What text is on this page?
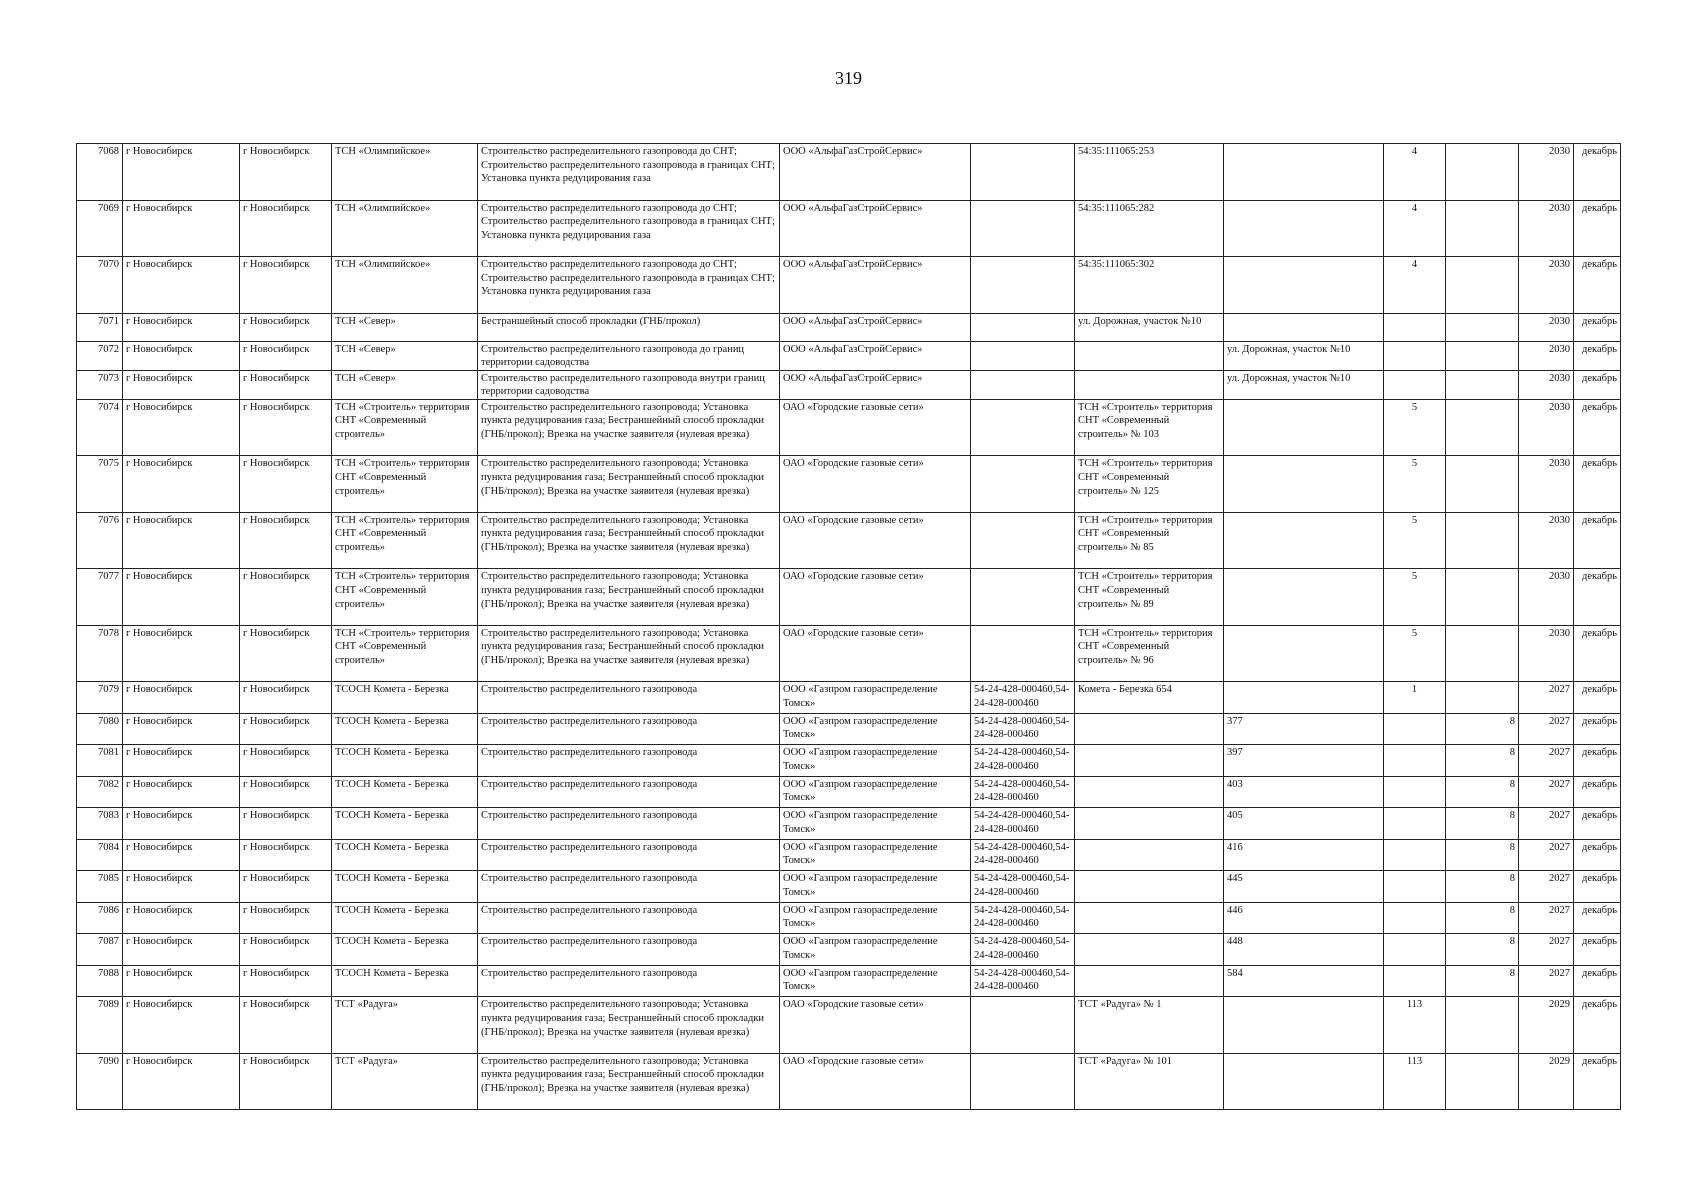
319
7068	г Новосибирск	г Новосибирск	ТСН «Олимпийское»	Строительство распределительного газопровода до СНТ; Строительство распределительного газопровода в границах СНТ; Установка пункта редуцирования газа	ООО «АльфаГазСтройСервис»		54:35:111065:253		4		2030	декабрь
7069	г Новосибирск	г Новосибирск	ТСН «Олимпийское»	Строительство распределительного газопровода до СНТ; Строительство распределительного газопровода в границах СНТ; Установка пункта редуцирования газа	ООО «АльфаГазСтройСервис»		54:35:111065:282		4		2030	декабрь
7070	г Новосибирск	г Новосибирск	ТСН «Олимпийское»	Строительство распределительного газопровода до СНТ; Строительство распределительного газопровода в границах СНТ; Установка пункта редуцирования газа	ООО «АльфаГазСтройСервис»		54:35:111065:302		4		2030	декабрь
7071	г Новосибирск	г Новосибирск	ТСН «Север»	Бестраншейный способ прокладки (ГНБ/прокол)	ООО «АльфаГазСтройСервис»		ул. Дорожная, участок №10				2030	декабрь
7072	г Новосибирск	г Новосибирск	ТСН «Север»	Строительство распределительного газопровода до границ территории садоводства	ООО «АльфаГазСтройСервис»			ул. Дорожная, участок №10			2030	декабрь
7073	г Новосибирск	г Новосибирск	ТСН «Север»	Строительство распределительного газопровода внутри границ территории садоводства	ООО «АльфаГазСтройСервис»			ул. Дорожная, участок №10			2030	декабрь
7074	г Новосибирск	г Новосибирск	ТСН «Строитель» территория СНТ «Современный строитель»	Строительство распределительного газопровода; Установка пункта редуцирования газа; Бестраншейный способ прокладки (ГНБ/прокол); Врезка на участке заявителя (нулевая врезка)	ОАО «Городские газовые сети»		ТСН «Строитель» территория СНТ «Современный строитель» № 103		5		2030	декабрь
7075	г Новосибирск	г Новосибирск	ТСН «Строитель» территория СНТ «Современный строитель»	Строительство распределительного газопровода; Установка пункта редуцирования газа; Бестраншейный способ прокладки (ГНБ/прокол); Врезка на участке заявителя (нулевая врезка)	ОАО «Городские газовые сети»		ТСН «Строитель» территория СНТ «Современный строитель» № 125		5		2030	декабрь
7076	г Новосибирск	г Новосибирск	ТСН «Строитель» территория СНТ «Современный строитель»	Строительство распределительного газопровода; Установка пункта редуцирования газа; Бестраншейный способ прокладки (ГНБ/прокол); Врезка на участке заявителя (нулевая врезка)	ОАО «Городские газовые сети»		ТСН «Строитель» территория СНТ «Современный строитель» № 85		5		2030	декабрь
7077	г Новосибирск	г Новосибирск	ТСН «Строитель» территория СНТ «Современный строитель»	Строительство распределительного газопровода; Установка пункта редуцирования газа; Бестраншейный способ прокладки (ГНБ/прокол); Врезка на участке заявителя (нулевая врезка)	ОАО «Городские газовые сети»		ТСН «Строитель» территория СНТ «Современный строитель» № 89		5		2030	декабрь
7078	г Новосибирск	г Новосибирск	ТСН «Строитель» территория СНТ «Современный строитель»	Строительство распределительного газопровода; Установка пункта редуцирования газа; Бестраншейный способ прокладки (ГНБ/прокол); Врезка на участке заявителя (нулевая врезка)	ОАО «Городские газовые сети»		ТСН «Строитель» территория СНТ «Современный строитель» № 96		5		2030	декабрь
7079	г Новосибирск	г Новосибирск	ТСОСН Комета - Березка	Строительство распределительного газопровода	ООО «Газпром газораспределение Томск»	54-24-428-000460,54-24-428-000460	Комета - Березка 654		1		2027	декабрь
7080	г Новосибирск	г Новосибирск	ТСОСН Комета - Березка	Строительство распределительного газопровода	ООО «Газпром газораспределение Томск»	54-24-428-000460,54-24-428-000460		377		8	2027	декабрь
7081	г Новосибирск	г Новосибирск	ТСОСН Комета - Березка	Строительство распределительного газопровода	ООО «Газпром газораспределение Томск»	54-24-428-000460,54-24-428-000460		397		8	2027	декабрь
7082	г Новосибирск	г Новосибирск	ТСОСН Комета - Березка	Строительство распределительного газопровода	ООО «Газпром газораспределение Томск»	54-24-428-000460,54-24-428-000460		403		8	2027	декабрь
7083	г Новосибирск	г Новосибирск	ТСОСН Комета - Березка	Строительство распределительного газопровода	ООО «Газпром газораспределение Томск»	54-24-428-000460,54-24-428-000460		405		8	2027	декабрь
7084	г Новосибирск	г Новосибирск	ТСОСН Комета - Березка	Строительство распределительного газопровода	ООО «Газпром газораспределение Томск»	54-24-428-000460,54-24-428-000460		416		8	2027	декабрь
7085	г Новосибирск	г Новосибирск	ТСОСН Комета - Березка	Строительство распределительного газопровода	ООО «Газпром газораспределение Томск»	54-24-428-000460,54-24-428-000460		445		8	2027	декабрь
7086	г Новосибирск	г Новосибирск	ТСОСН Комета - Березка	Строительство распределительного газопровода	ООО «Газпром газораспределение Томск»	54-24-428-000460,54-24-428-000460		446		8	2027	декабрь
7087	г Новосибирск	г Новосибирск	ТСОСН Комета - Березка	Строительство распределительного газопровода	ООО «Газпром газораспределение Томск»	54-24-428-000460,54-24-428-000460		448		8	2027	декабрь
7088	г Новосибирск	г Новосибирск	ТСОСН Комета - Березка	Строительство распределительного газопровода	ООО «Газпром газораспределение Томск»	54-24-428-000460,54-24-428-000460		584		8	2027	декабрь
7089	г Новосибирск	г Новосибирск	ТСТ «Радуга»	Строительство распределительного газопровода; Установка пункта редуцирования газа; Бестраншейный способ прокладки (ГНБ/прокол); Врезка на участке заявителя (нулевая врезка)	ОАО «Городские газовые сети»		ТСТ «Радуга» № 1		113		2029	декабрь
7090	г Новосибирск	г Новосибирск	ТСТ «Радуга»	Строительство распределительного газопровода; Установка пункта редуцирования газа; Бестраншейный способ прокладки (ГНБ/прокол); Врезка на участке заявителя (нулевая врезка)	ОАО «Городские газовые сети»		ТСТ «Радуга» № 101		113		2029	декабрь
